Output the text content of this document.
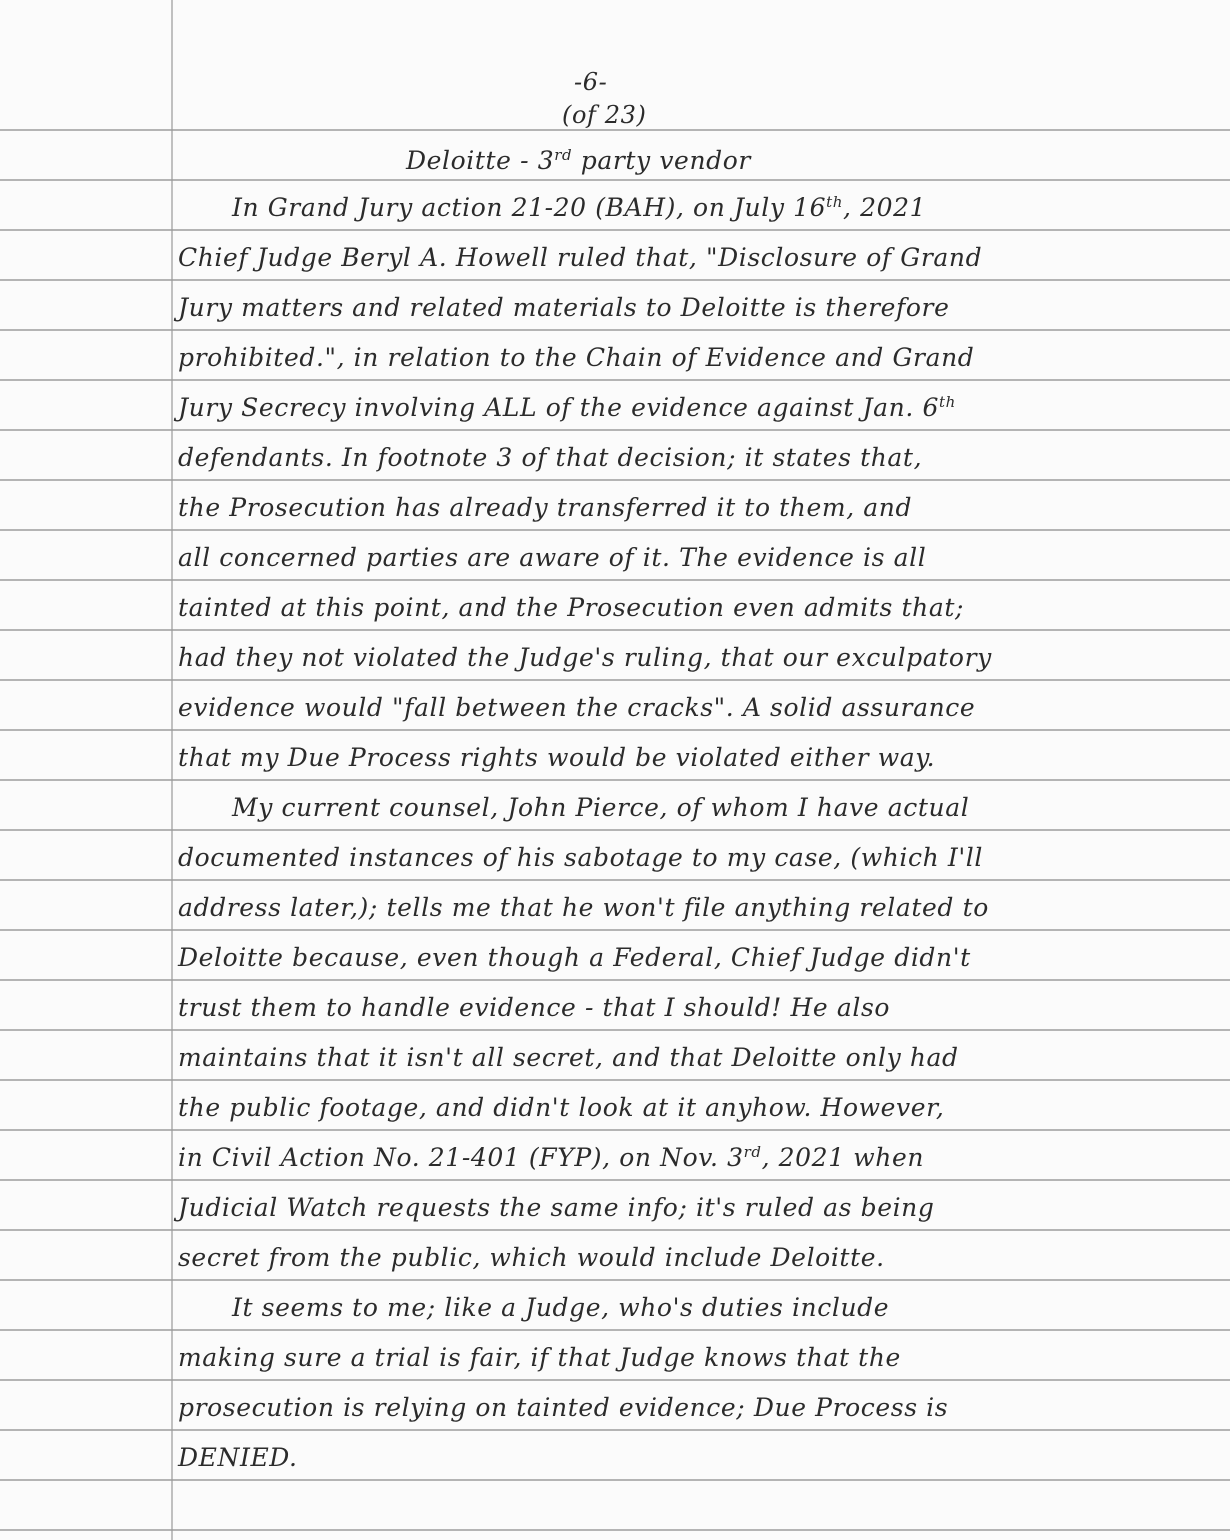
-6-
(of 23)
Deloitte - 3rd party vendor
In Grand Jury action 21-20 (BAH), on July 16th, 2021
Chief Judge Beryl A. Howell ruled that, "Disclosure of Grand
Jury matters and related materials to Deloitte is therefore
prohibited.", in relation to the Chain of Evidence and Grand
Jury Secrecy involving ALL of the evidence against Jan. 6th
defendants. In footnote 3 of that decision; it states that,
the Prosecution has already transferred it to them, and
all concerned parties are aware of it. The evidence is all
tainted at this point, and the Prosecution even admits that;
had they not violated the Judge's ruling, that our exculpatory
evidence would "fall between the cracks". A solid assurance
that my Due Process rights would be violated either way.
My current counsel, John Pierce, of whom I have actual
documented instances of his sabotage to my case, (which I'll
address later,); tells me that he won't file anything related to
Deloitte because, even though a Federal, Chief Judge didn't
trust them to handle evidence - that I should! He also
maintains that it isn't all secret, and that Deloitte only had
the public footage, and didn't look at it anyhow. However,
in Civil Action No. 21-401 (FYP), on Nov. 3rd, 2021 when
Judicial Watch requests the same info; it's ruled as being
secret from the public, which would include Deloitte.
It seems to me; like a Judge, who's duties include
making sure a trial is fair, if that Judge knows that the
prosecution is relying on tainted evidence; Due Process is
DENIED.
